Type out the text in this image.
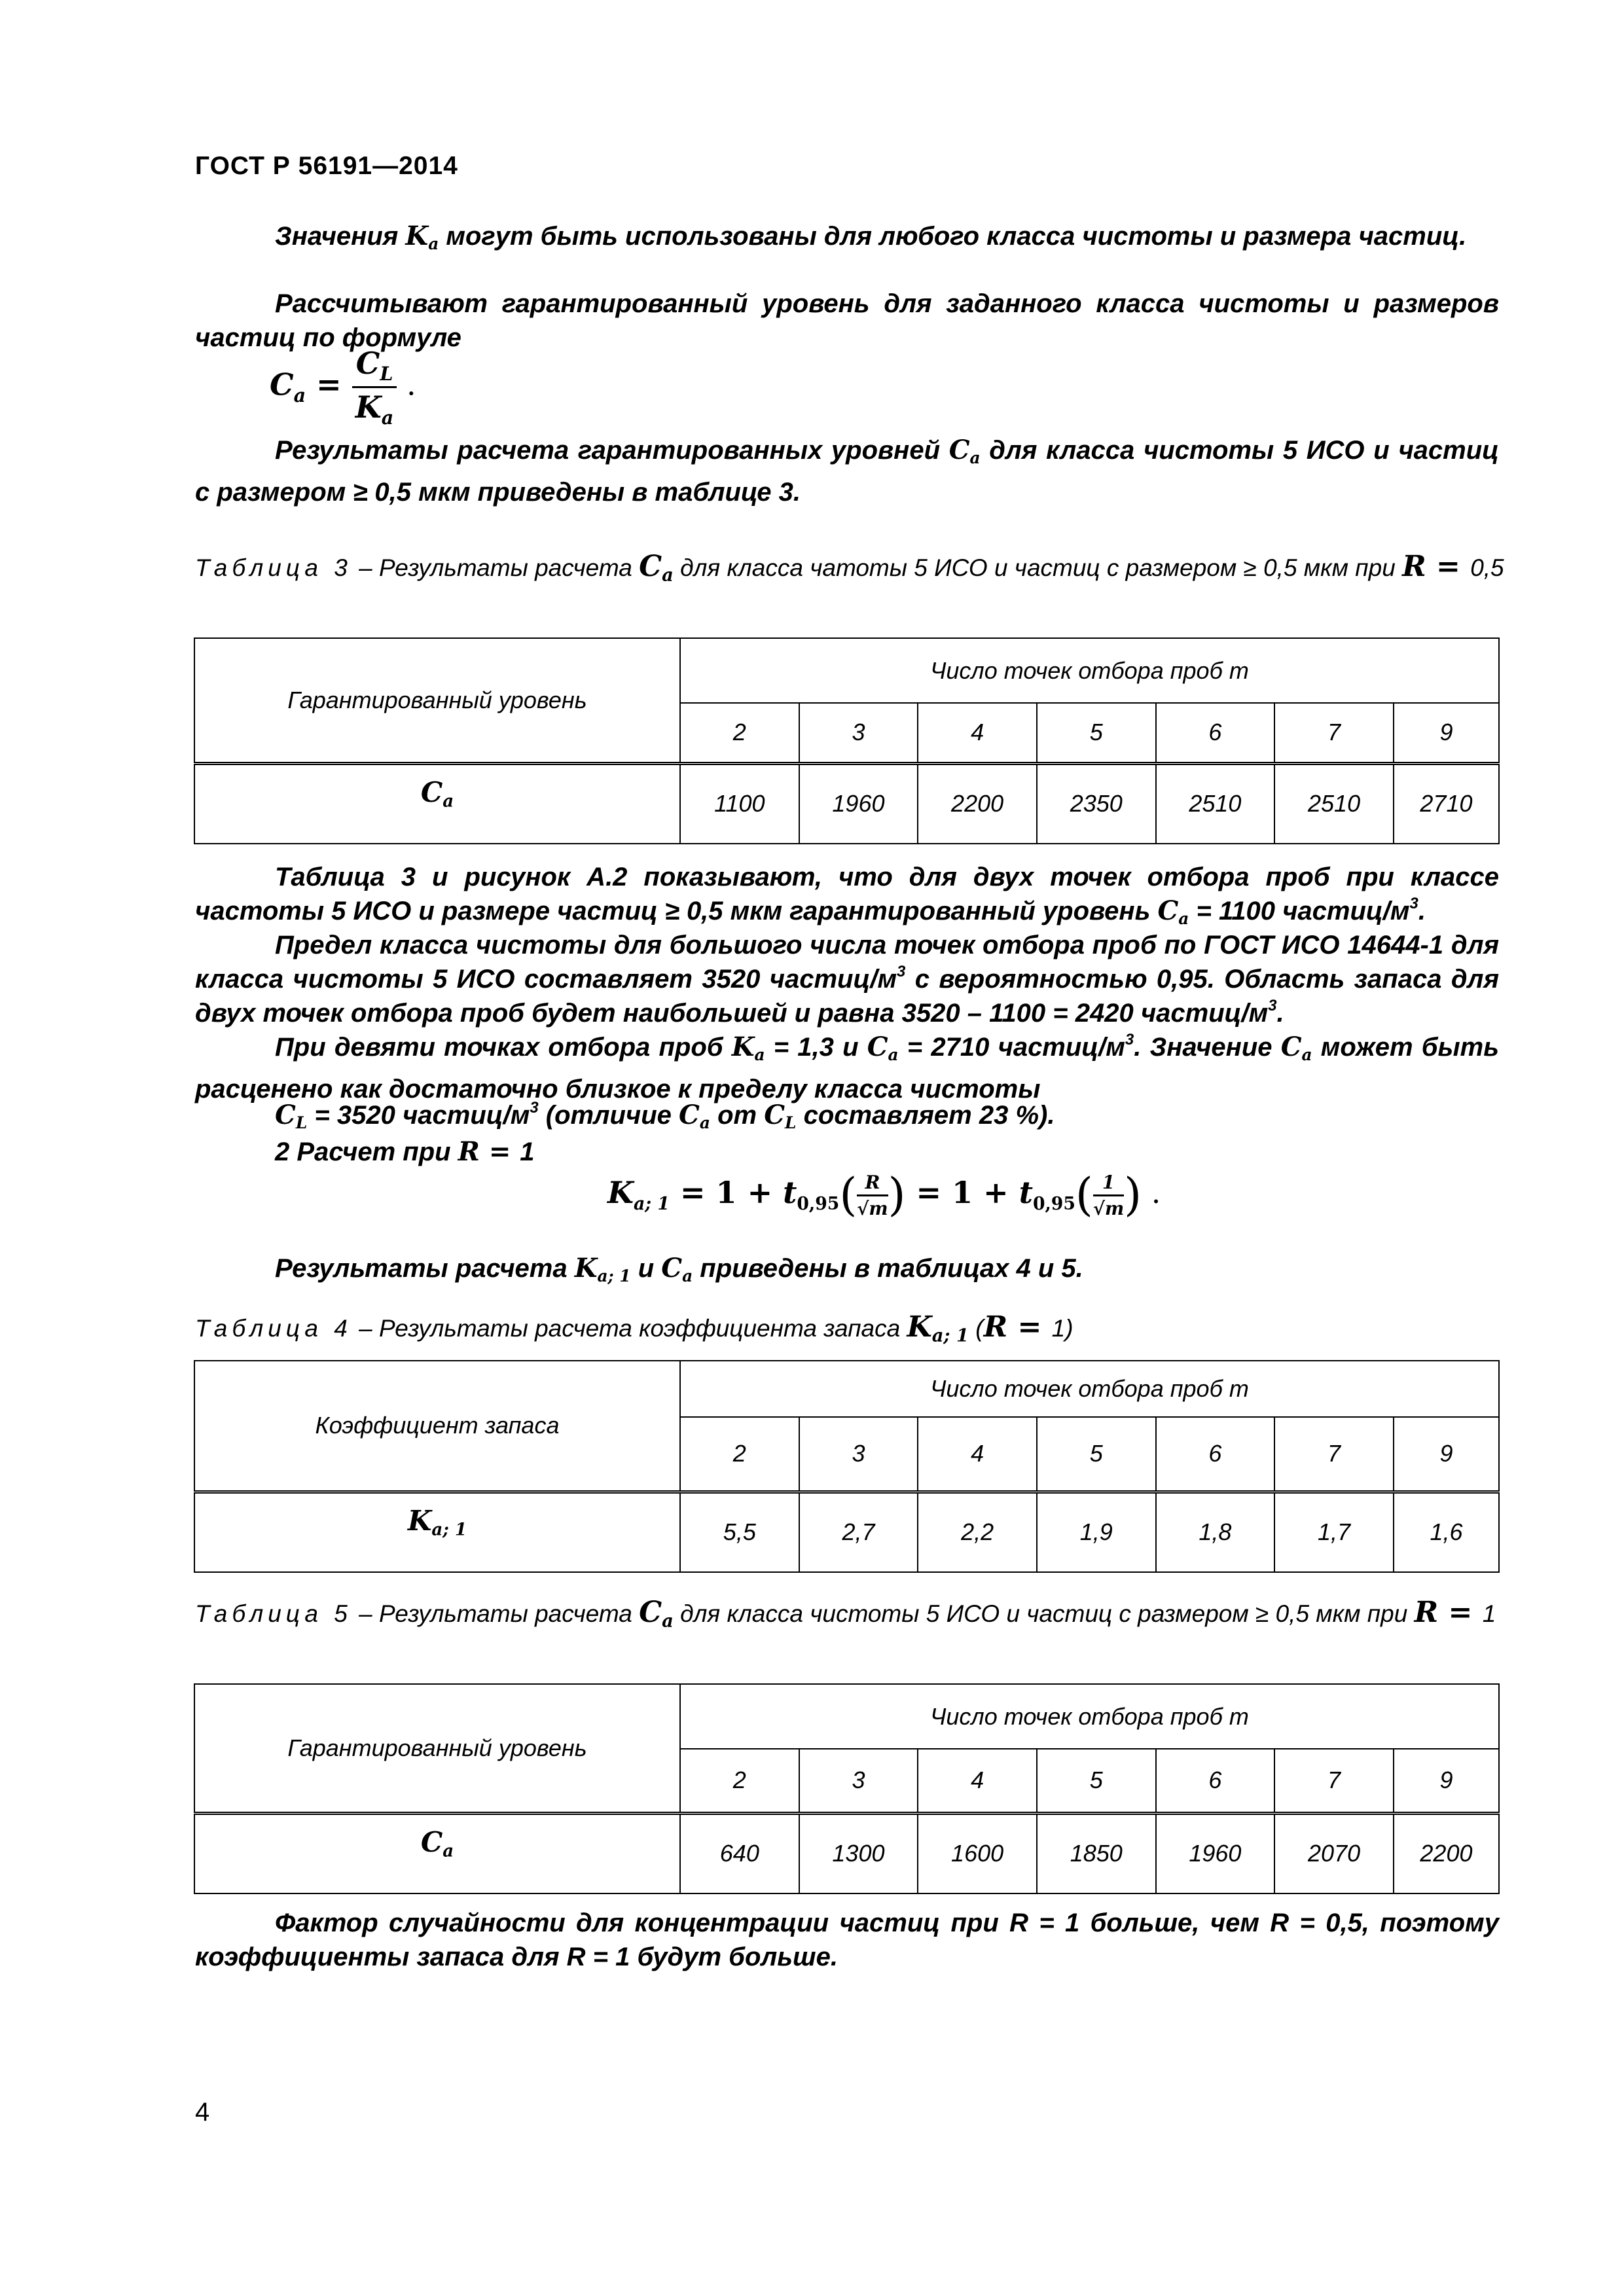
ГОСТ Р 56191—2014
Значения $K_a$ могут быть использованы для любого класса чистоты и размера частиц.
Рассчитывают гарантированный уровень для заданного класса чистоты и размеров частиц по формуле
$C_a = \frac{C_L}{K_a}$ .
Результаты расчета гарантированных уровней $C_a$ для класса чистоты 5 ИСО и частиц с размером ≥ 0,5 мкм приведены в таблице 3.
Таблица 3 – Результаты расчета $C_a$ для класса чатоты 5 ИСО и частиц с размером ≥ 0,5 мкм при R = 0,5
Гарантированный уровень	Число точек отбора проб m						
	2	3	4	5	6	7	9
$C_a$	1100	1960	2200	2350	2510	2510	2710
Таблица 3 и рисунок А.2 показывают, что для двух точек отбора проб при классе частоты 5 ИСО и размере частиц ≥ 0,5 мкм гарантированный уровень $C_a = 1100$ частиц/$м^3$.
Предел класса чистоты для большого числа точек отбора проб по ГОСТ ИСО 14644-1 для класса чистоты 5 ИСО составляет 3520 частиц/$м^3$ с вероятностью 0,95. Область запаса для двух точек отбора проб будет наибольшей и равна 3520 – 1100 = 2420 частиц/$м^3$.
При девяти точках отбора проб $K_a = 1,3$ и $C_a = 2710$ частиц/$м^3$. Значение $C_a$ может быть расценено как достаточно близкое к пределу класса чистоты
$C_L = 3520$ частиц/$м^3$ (отличие $C_a$ от $C_L$ составляет 23 %).
2 Расчет при R = 1
$K_{a; 1} = 1 + t_{0,95}( \frac{R}{√m}$ ) = $1 + t_{0,95}( \frac{1}{√m}$ ) .
Результаты расчета $K_{a; 1}$ и $C_a$ приведены в таблицах 4 и 5.
Таблица 4 – Результаты расчета коэффициента запаса $K_{a; 1}$ (R = 1)
Коэффициент запаса	Число точек отбора проб m						
	2	3	4	5	6	7	9
$K_{a; 1}$	5,5	2,7	2,2	1,9	1,8	1,7	1,6
Таблица 5 – Результаты расчета $C_a$ для класса чистоты 5 ИСО и частиц с размером ≥ 0,5 мкм при R = 1
Гарантированный уровень	Число точек отбора проб m						
	2	3	4	5	6	7	9
$C_a$	640	1300	1600	1850	1960	2070	2200
Фактор случайности для концентрации частиц при R = 1 больше, чем R = 0,5, поэтому коэффициенты запаса для R = 1 будут больше.
4
